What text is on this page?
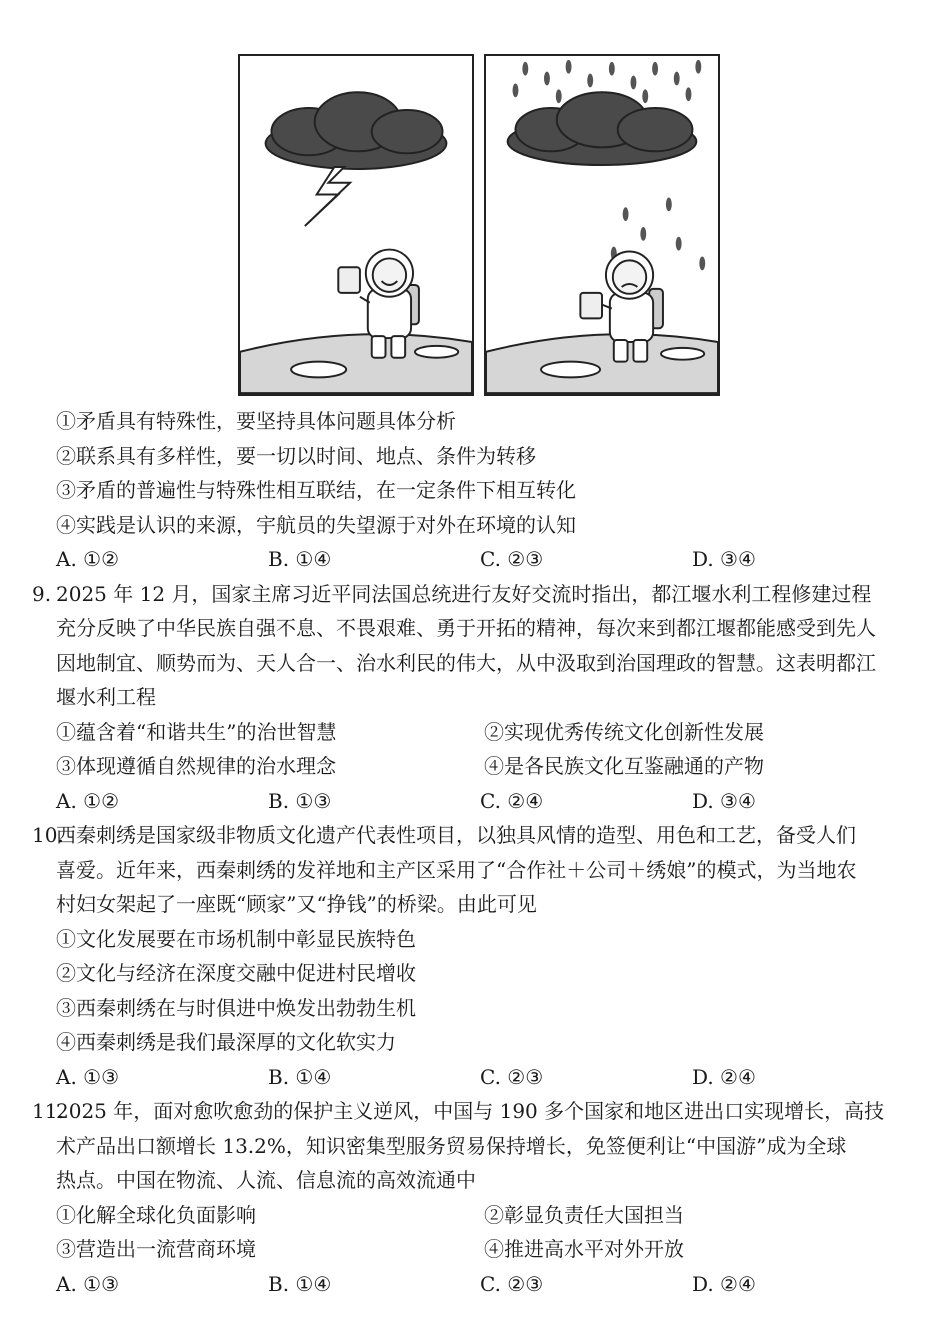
①矛盾具有特殊性，要坚持具体问题具体分析
②联系具有多样性，要一切以时间、地点、条件为转移
③矛盾的普遍性与特殊性相互联结，在一定条件下相互转化
④实践是认识的来源，宇航员的失望源于对外在环境的认知
A. ①②	B. ①④	C. ②③	D. ③④
9. 2025 年 12 月，国家主席习近平同法国总统进行友好交流时指出，都江堰水利工程修建过程
充分反映了中华民族自强不息、不畏艰难、勇于开拓的精神，每次来到都江堰都能感受到先人
因地制宜、顺势而为、天人合一、治水利民的伟大，从中汲取到治国理政的智慧。这表明都江
堰水利工程
①蕴含着“和谐共生”的治世智慧	②实现优秀传统文化创新性发展
③体现遵循自然规律的治水理念	④是各民族文化互鉴融通的产物
A. ①②	B. ①③	C. ②④	D. ③④
10.
西秦刺绣是国家级非物质文化遗产代表性项目，以独具风情的造型、用色和工艺，备受人们
喜爱。近年来，西秦刺绣的发祥地和主产区采用了“合作社＋公司＋绣娘”的模式，为当地农
村妇女架起了一座既“顾家”又“挣钱”的桥梁。由此可见
①文化发展要在市场机制中彰显民族特色
②文化与经济在深度交融中促进村民增收
③西秦刺绣在与时俱进中焕发出勃勃生机
④西秦刺绣是我们最深厚的文化软实力
A. ①③	B. ①④	C. ②③	D. ②④
11.
2025 年，面对愈吹愈劲的保护主义逆风，中国与 190 多个国家和地区进出口实现增长，高技
术产品出口额增长 13.2%，知识密集型服务贸易保持增长，免签便利让“中国游”成为全球
热点。中国在物流、人流、信息流的高效流通中
①化解全球化负面影响	②彰显负责任大国担当
③营造出一流营商环境	④推进高水平对外开放
A. ①③	B. ①④	C. ②③	D. ②④
